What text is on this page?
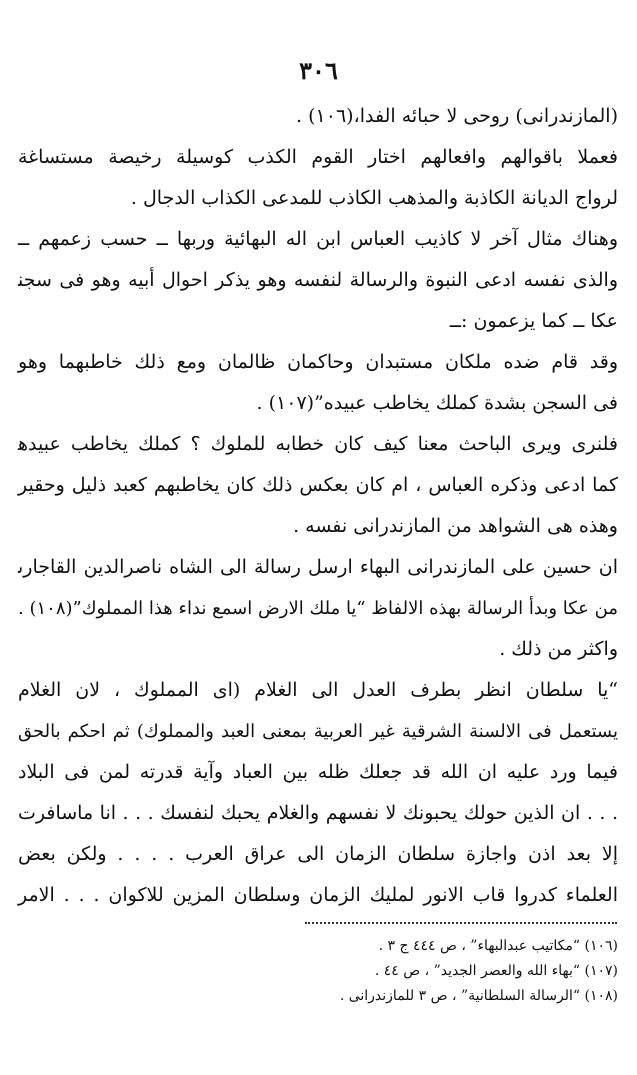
٣٠٦
(المازندرانی) روحی لا حبائه الفدا،(١٠٦) .
فعملا باقوالهم وافعالهم اختار القوم الكذب كوسيلة رخيصة مستساغة
لرواج الديانة الكاذبة والمذهب الكاذب للمدعى الكذاب الدجال .
وهناك مثال آخر لا كاذيب العباس ابن اله البهائية وربها ــ حسب زعمهم ــ
والذى نفسه ادعى النبوة والرسالة لنفسه وهو يذكر احوال أبيه وهو فى سجن
عكا ــ كما يزعمون :ــ
وقد قام ضده ملكان مستبدان وحاكمان ظالمان ومع ذلك خاطبهما وهو
فى السجن بشدة كملك يخاطب عبيده”(١٠٧) .
فلنرى ويرى الباحث معنا كيف كان خطابه للملوك ؟ كملك يخاطب عبيده
كما ادعى وذكره العباس ، ام كان بعكس ذلك كان يخاطبهم كعبد ذليل وحقير
وهذه هى الشواهد من المازندرانى نفسه .
ان حسين على المازندرانى البهاء ارسل رسالة الى الشاه ناصرالدين القاجارى
من عكا وبدأ الرسالة بهذه الالفاظ “يا ملك الارض اسمع نداء هذا المملوك”(١٠٨) .
واكثر من ذلك .
“يا سلطان انظر بطرف العدل الى الغلام (اى المملوك ، لان الغلام
يستعمل فى الالسنة الشرقية غير العربية بمعنى العبد والمملوك) ثم احكم بالحق
فيما ورد عليه ان الله قد جعلك ظله بين العباد وآية قدرته لمن فى البلاد
. . . ان الذين حولك يحبونك لا نفسهم والغلام يحبك لنفسك . . . انا ماسافرت
إلا بعد اذن واجازة سلطان الزمان الى عراق العرب . . . . ولكن بعض
العلماء كدروا قاب الانور لمليك الزمان وسلطان المزين للاكوان . . . الامر
(١٠٦) “مكاتيب عبدالبهاء” ، ص ٤٤٤ ج ٣ .
(١٠٧) “بهاء الله والعصر الجديد” ، ص ٤٤ .
(١٠٨) “الرسالة السلطانية” ، ص ٣ للمازندرانى .
